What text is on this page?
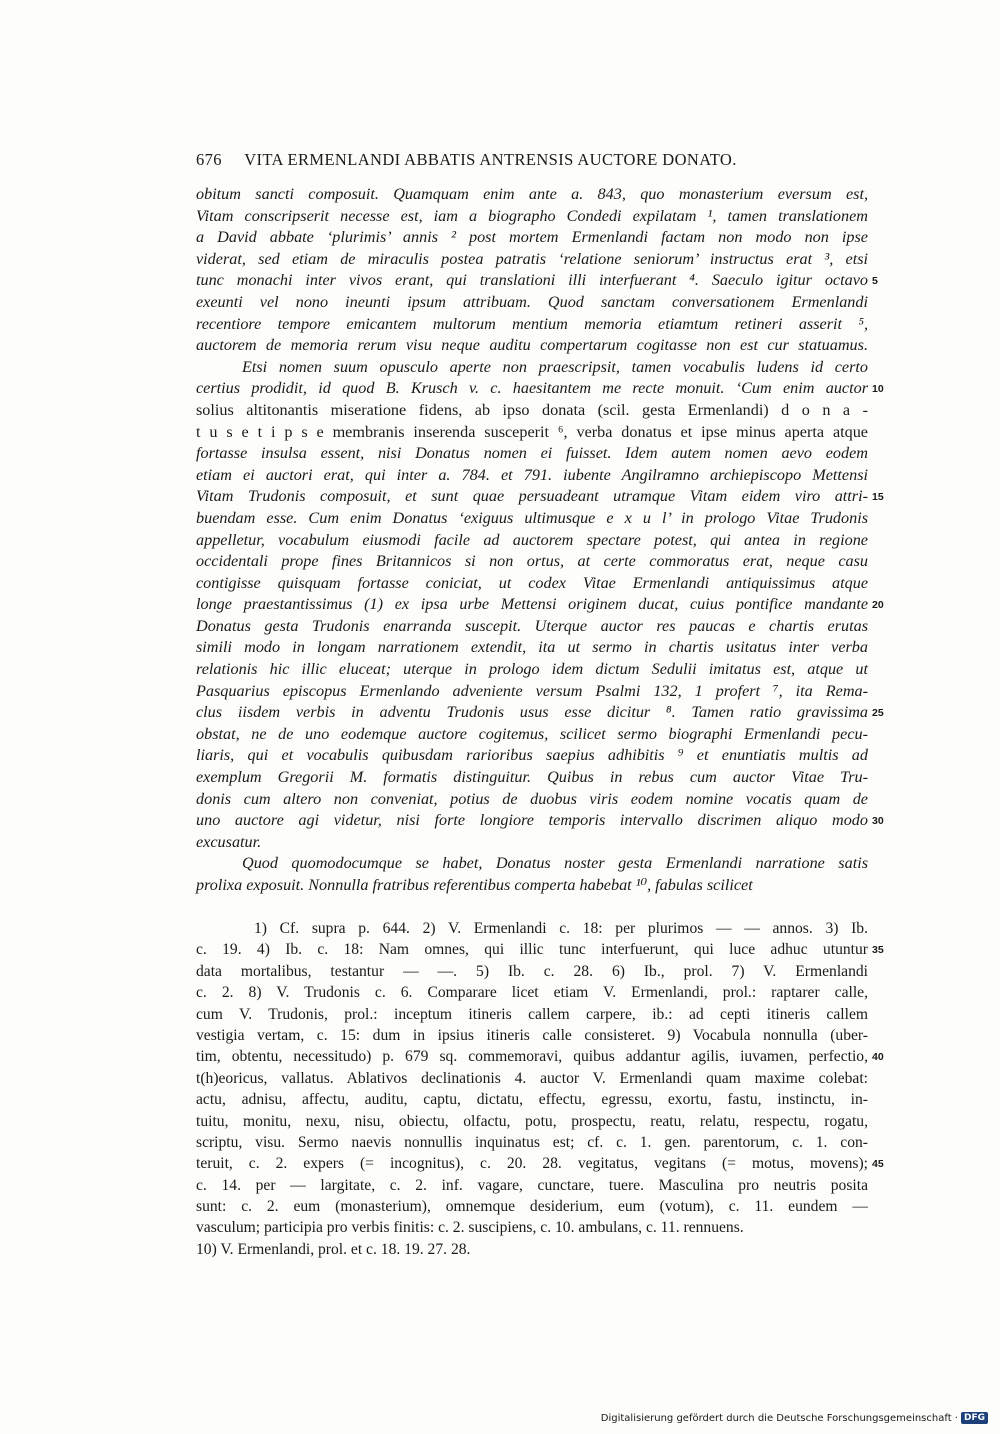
676 VITA ERMENLANDI ABBATIS ANTRENSIS AUCTORE DONATO.
obitum sancti composuit. Quamquam enim ante a. 843, quo monasterium eversum est,
Vitam conscripserit necesse est, iam a biographo Condedi expilatam ¹, tamen translationem
a David abbate ‘plurimis’ annis ² post mortem Ermenlandi factam non modo non ipse
viderat, sed etiam de miraculis postea patratis ‘relatione seniorum’ instructus erat ³, etsi
tunc monachi inter vivos erant, qui translationi illi interfuerant ⁴. Saeculo igitur octavo
exeunti vel nono ineunti ipsum attribuam. Quod sanctam conversationem Ermenlandi
recentiore tempore emicantem multorum mentium memoria etiamtum retineri asserit ⁵,
auctorem de memoria rerum visu neque auditu compertarum cogitasse non est cur statuamus.
Etsi nomen suum opusculo aperte non praescripsit, tamen vocabulis ludens id certo
certius prodidit, id quod B. Krusch v. c. haesitantem me recte monuit. ‘Cum enim auctor
solius altitonantis miseratione fidens, ab ipso donata (scil. gesta Ermenlandi) d o n a -
t u s e t i p s e membranis inserenda susceperit ⁶, verba donatus et ipse minus aperta atque
fortasse insulsa essent, nisi Donatus nomen ei fuisset. Idem autem nomen aevo eodem
etiam ei auctori erat, qui inter a. 784. et 791. iubente Angilramno archiepiscopo Mettensi
Vitam Trudonis composuit, et sunt quae persuadeant utramque Vitam eidem viro attri-
buendam esse. Cum enim Donatus ‘exiguus ultimusque e x u l’ in prologo Vitae Trudonis
appelletur, vocabulum eiusmodi facile ad auctorem spectare potest, qui antea in regione
occidentali prope fines Britannicos si non ortus, at certe commoratus erat, neque casu
contigisse quisquam fortasse coniciat, ut codex Vitae Ermenlandi antiquissimus atque
longe praestantissimus (1) ex ipsa urbe Mettensi originem ducat, cuius pontifice mandante
Donatus gesta Trudonis enarranda suscepit. Uterque auctor res paucas e chartis erutas
simili modo in longam narrationem extendit, ita ut sermo in chartis usitatus inter verba
relationis hic illic eluceat; uterque in prologo idem dictum Sedulii imitatus est, atque ut
Pasquarius episcopus Ermenlando adveniente versum Psalmi 132, 1 profert ⁷, ita Rema-
clus iisdem verbis in adventu Trudonis usus esse dicitur ⁸. Tamen ratio gravissima
obstat, ne de uno eodemque auctore cogitemus, scilicet sermo biographi Ermenlandi pecu-
liaris, qui et vocabulis quibusdam rarioribus saepius adhibitis ⁹ et enuntiatis multis ad
exemplum Gregorii M. formatis distinguitur. Quibus in rebus cum auctor Vitae Tru-
donis cum altero non conveniat, potius de duobus viris eodem nomine vocatis quam de
uno auctore agi videtur, nisi forte longiore temporis intervallo discrimen aliquo modo
excusatur.
Quod quomodocumque se habet, Donatus noster gesta Ermenlandi narratione satis
prolixa exposuit. Nonnulla fratribus referentibus comperta habebat ¹⁰, fabulas scilicet
5
10
15
20
25
30
1) Cf. supra p. 644. 2) V. Ermenlandi c. 18: per plurimos — — annos. 3) Ib.
c. 19. 4) Ib. c. 18: Nam omnes, qui illic tunc interfuerunt, qui luce adhuc utuntur
data mortalibus, testantur — —. 5) Ib. c. 28. 6) Ib., prol. 7) V. Ermenlandi
c. 2. 8) V. Trudonis c. 6. Comparare licet etiam V. Ermenlandi, prol.: raptarer calle,
cum V. Trudonis, prol.: inceptum itineris callem carpere, ib.: ad cepti itineris callem
vestigia vertam, c. 15: dum in ipsius itineris calle consisteret. 9) Vocabula nonnulla (uber-
tim, obtentu, necessitudo) p. 679 sq. commemoravi, quibus addantur agilis, iuvamen, perfectio,
t(h)eoricus, vallatus. Ablativos declinationis 4. auctor V. Ermenlandi quam maxime colebat:
actu, adnisu, affectu, auditu, captu, dictatu, effectu, egressu, exortu, fastu, instinctu, in-
tuitu, monitu, nexu, nisu, obiectu, olfactu, potu, prospectu, reatu, relatu, respectu, rogatu,
scriptu, visu. Sermo naevis nonnullis inquinatus est; cf. c. 1. gen. parentorum, c. 1. con-
teruit, c. 2. expers (= incognitus), c. 20. 28. vegitatus, vegitans (= motus, movens);
c. 14. per — largitate, c. 2. inf. vagare, cunctare, tuere. Masculina pro neutris posita
sunt: c. 2. eum (monasterium), omnemque desiderium, eum (votum), c. 11. eundem —
vasculum; participia pro verbis finitis: c. 2. suscipiens, c. 10. ambulans, c. 11. rennuens.
10) V. Ermenlandi, prol. et c. 18. 19. 27. 28.
35
40
45
Digitalisierung gefördert durch die Deutsche Forschungsgemeinschaft · DFG
